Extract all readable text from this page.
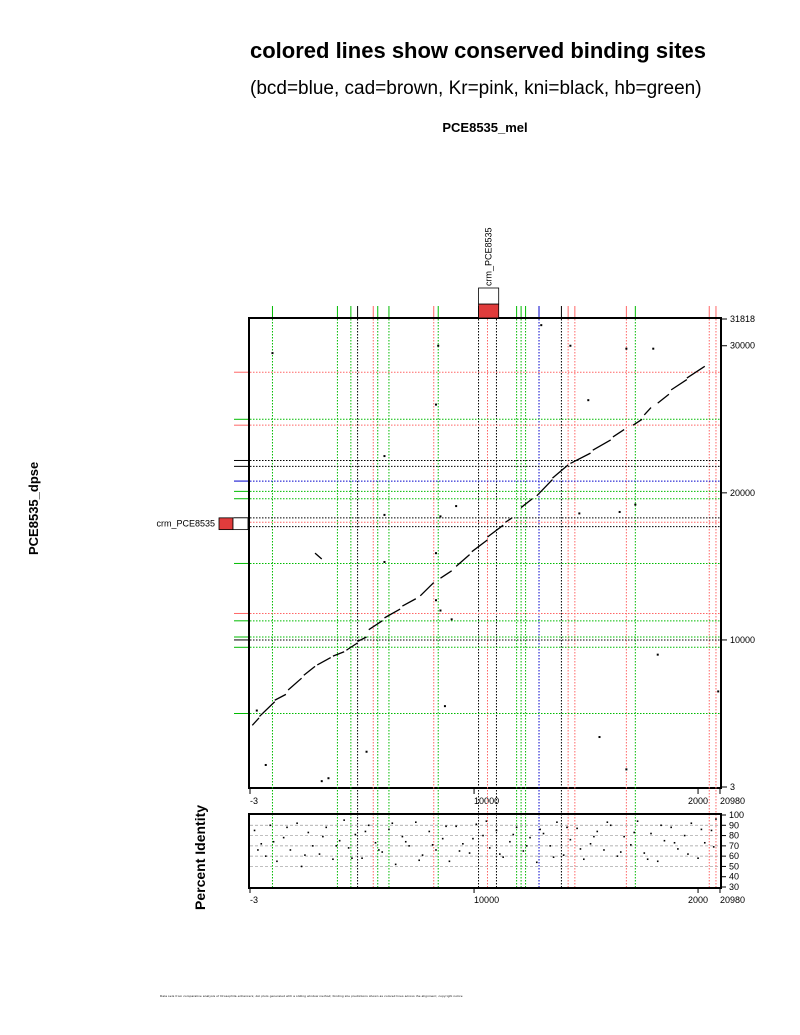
colored lines show conserved binding sites
(bcd=blue, cad=brown, Kr=pink, kni=black, hb=green)
PCE8535_mel
PCE8535_dpse
Percent Identity
3
10000
20000
30000
31818
-3	10000	2000 20980
crm_PCE8535
crm_PCE8535
30
40
50
60
70
80
90
100
-3	10000	2000 20980
Data sets from comparative analysis of Drosophila enhancers; dot plots generated with a sliding window method; binding site predictions shown as colored lines across the alignment; copyright notice
